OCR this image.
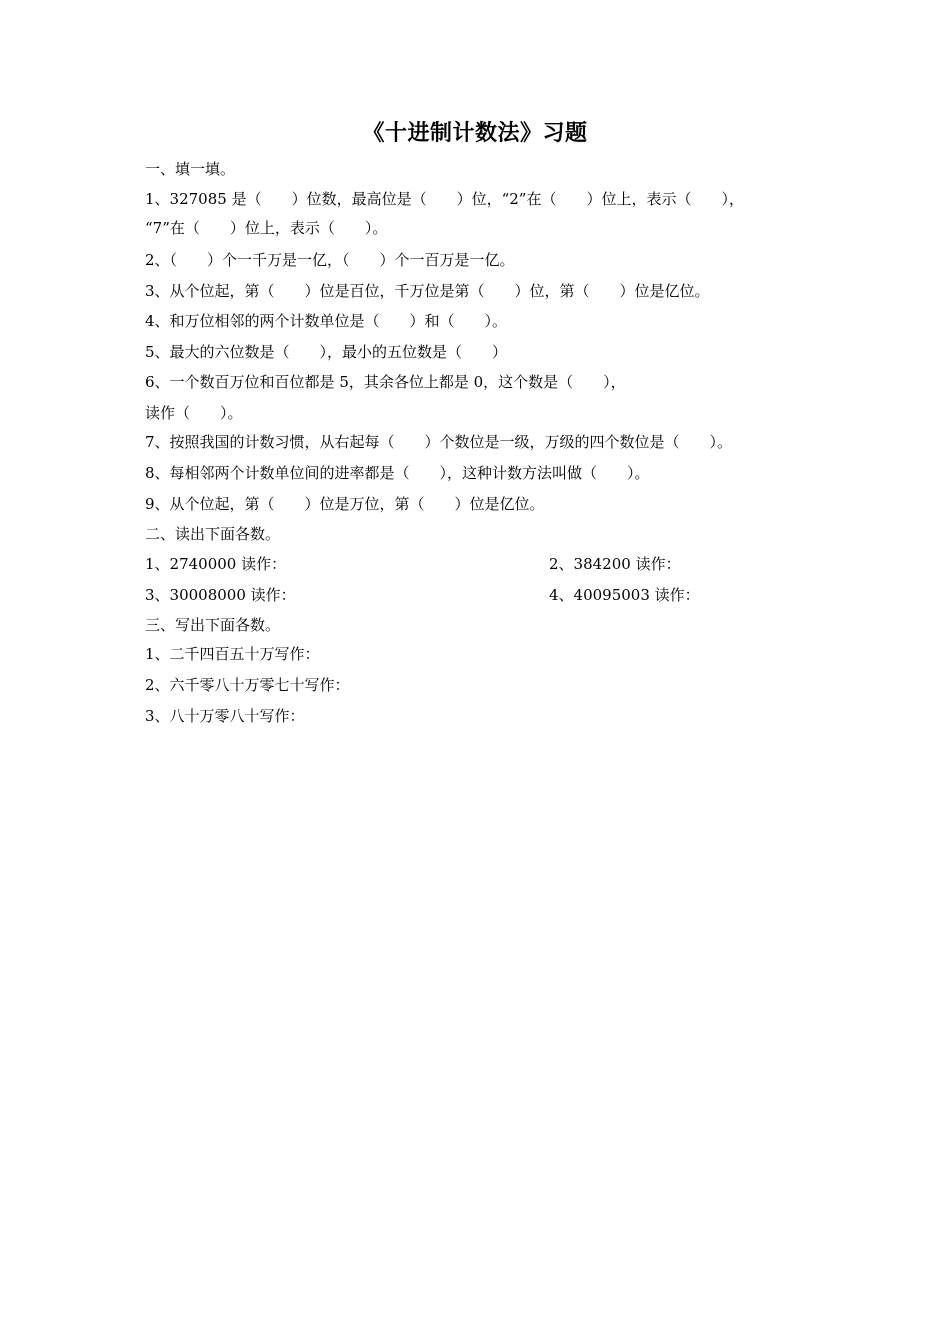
《十进制计数法》习题
一、填一填。
1、327085 是（　　）位数，最高位是（　　）位，“2”在（　　）位上，表示（　　），
“7”在（　　）位上，表示（　　）。
2、（　　）个一千万是一亿，（　　）个一百万是一亿。
3、从个位起，第（　　）位是百位，千万位是第（　　）位，第（　　）位是亿位。
4、和万位相邻的两个计数单位是（　　）和（　　）。
5、最大的六位数是（　　），最小的五位数是（　　）
6、一个数百万位和百位都是 5，其余各位上都是 0，这个数是（　　），
读作（　　）。
7、按照我国的计数习惯，从右起每（　　）个数位是一级，万级的四个数位是（　　）。
8、每相邻两个计数单位间的进率都是（　　），这种计数方法叫做（　　）。
9、从个位起，第（　　）位是万位，第（　　）位是亿位。
二、读出下面各数。
1、2740000 读作：	2、384200 读作：
3、30008000 读作：	4、40095003 读作：
三、写出下面各数。
1、二千四百五十万写作：
2、六千零八十万零七十写作：
3、八十万零八十写作：
